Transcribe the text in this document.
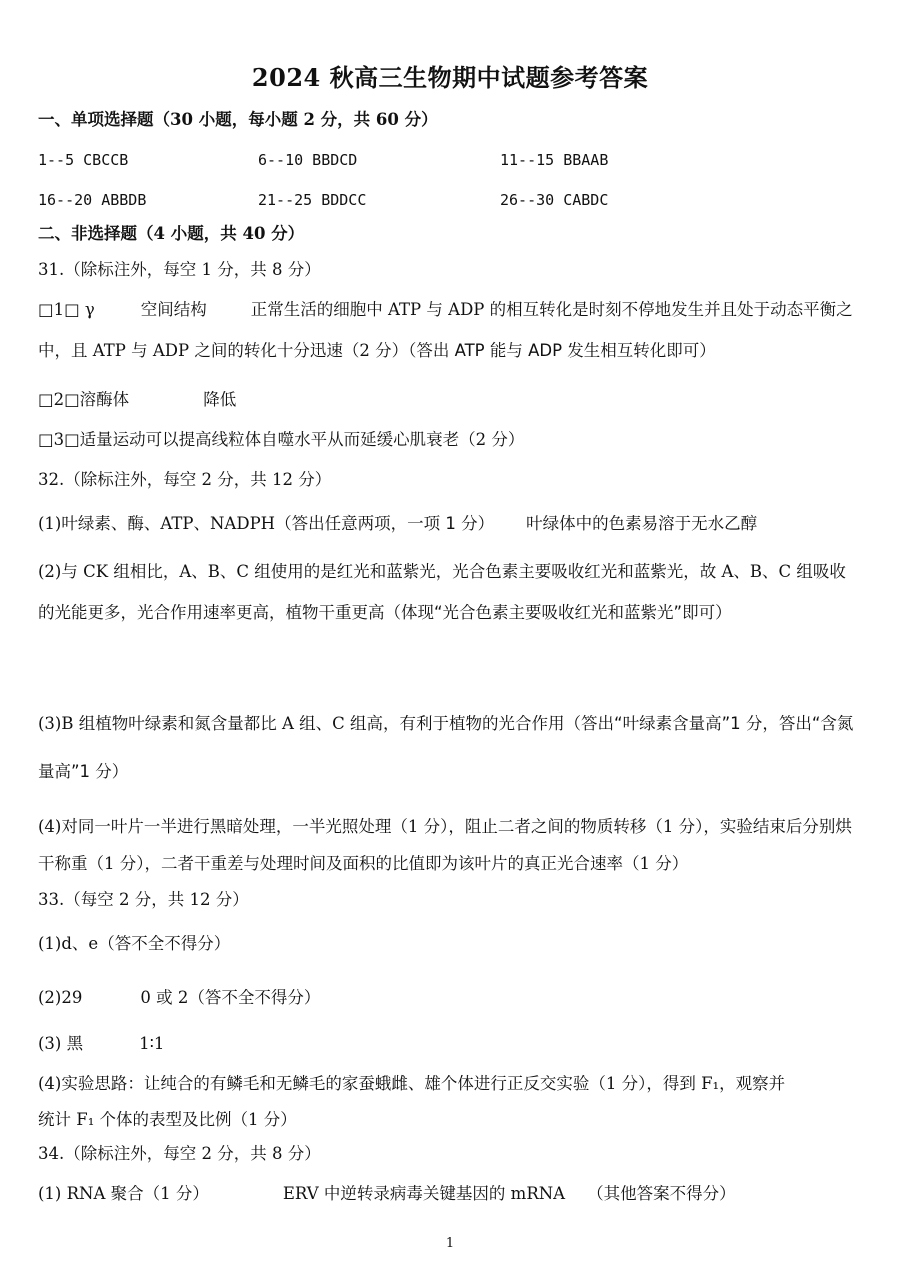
2024 秋高三生物期中试题参考答案
一、单项选择题（30 小题，每小题 2 分，共 60 分）
1--5 CBCCB	6--10 BBDCD	11--15 BBAAB
16--20 ABBDB	21--25 BDDCC	26--30 CABDC
二、非选择题（4 小题，共 40 分）
31.（除标注外，每空 1 分，共 8 分）
□1□ γ	空间结构	正常生活的细胞中 ATP 与 ADP 的相互转化是时刻不停地发生并且处于动态平衡之中，且 ATP 与 ADP 之间的转化十分迅速（2 分）（答出 ATP 能与 ADP 发生相互转化即可）
□2□溶酶体	降低
□3□适量运动可以提高线粒体自噬水平从而延缓心肌衰老（2 分）
32.（除标注外，每空 2 分，共 12 分）
(1)叶绿素、酶、ATP、NADPH（答出任意两项，一项 1 分） 叶绿体中的色素易溶于无水乙醇
(2)与 CK 组相比，A、B、C 组使用的是红光和蓝紫光，光合色素主要吸收红光和蓝紫光，故 A、B、C 组吸收的光能更多，光合作用速率更高，植物干重更高（体现“光合色素主要吸收红光和蓝紫光”即可）
(3)B 组植物叶绿素和氮含量都比 A 组、C 组高，有利于植物的光合作用（答出“叶绿素含量高”1 分，答出“含氮量高”1 分）
(4)对同一叶片一半进行黑暗处理，一半光照处理（1 分），阻止二者之间的物质转移（1 分），实验结束后分别烘干称重（1 分），二者干重差与处理时间及面积的比值即为该叶片的真正光合速率（1 分）
33.（每空 2 分，共 12 分）
(1)d、e（答不全不得分）
(2)29	0 或 2（答不全不得分）
(3) 黑	1∶1
(4)实验思路：让纯合的有鳞毛和无鳞毛的家蚕蛾雌、雄个体进行正反交实验（1 分），得到 F₁，观察并
统计 F₁ 个体的表型及比例（1 分）
34.（除标注外，每空 2 分，共 8 分）
(1) RNA 聚合（1 分）	ERV 中逆转录病毒关键基因的 mRNA （其他答案不得分）
1
